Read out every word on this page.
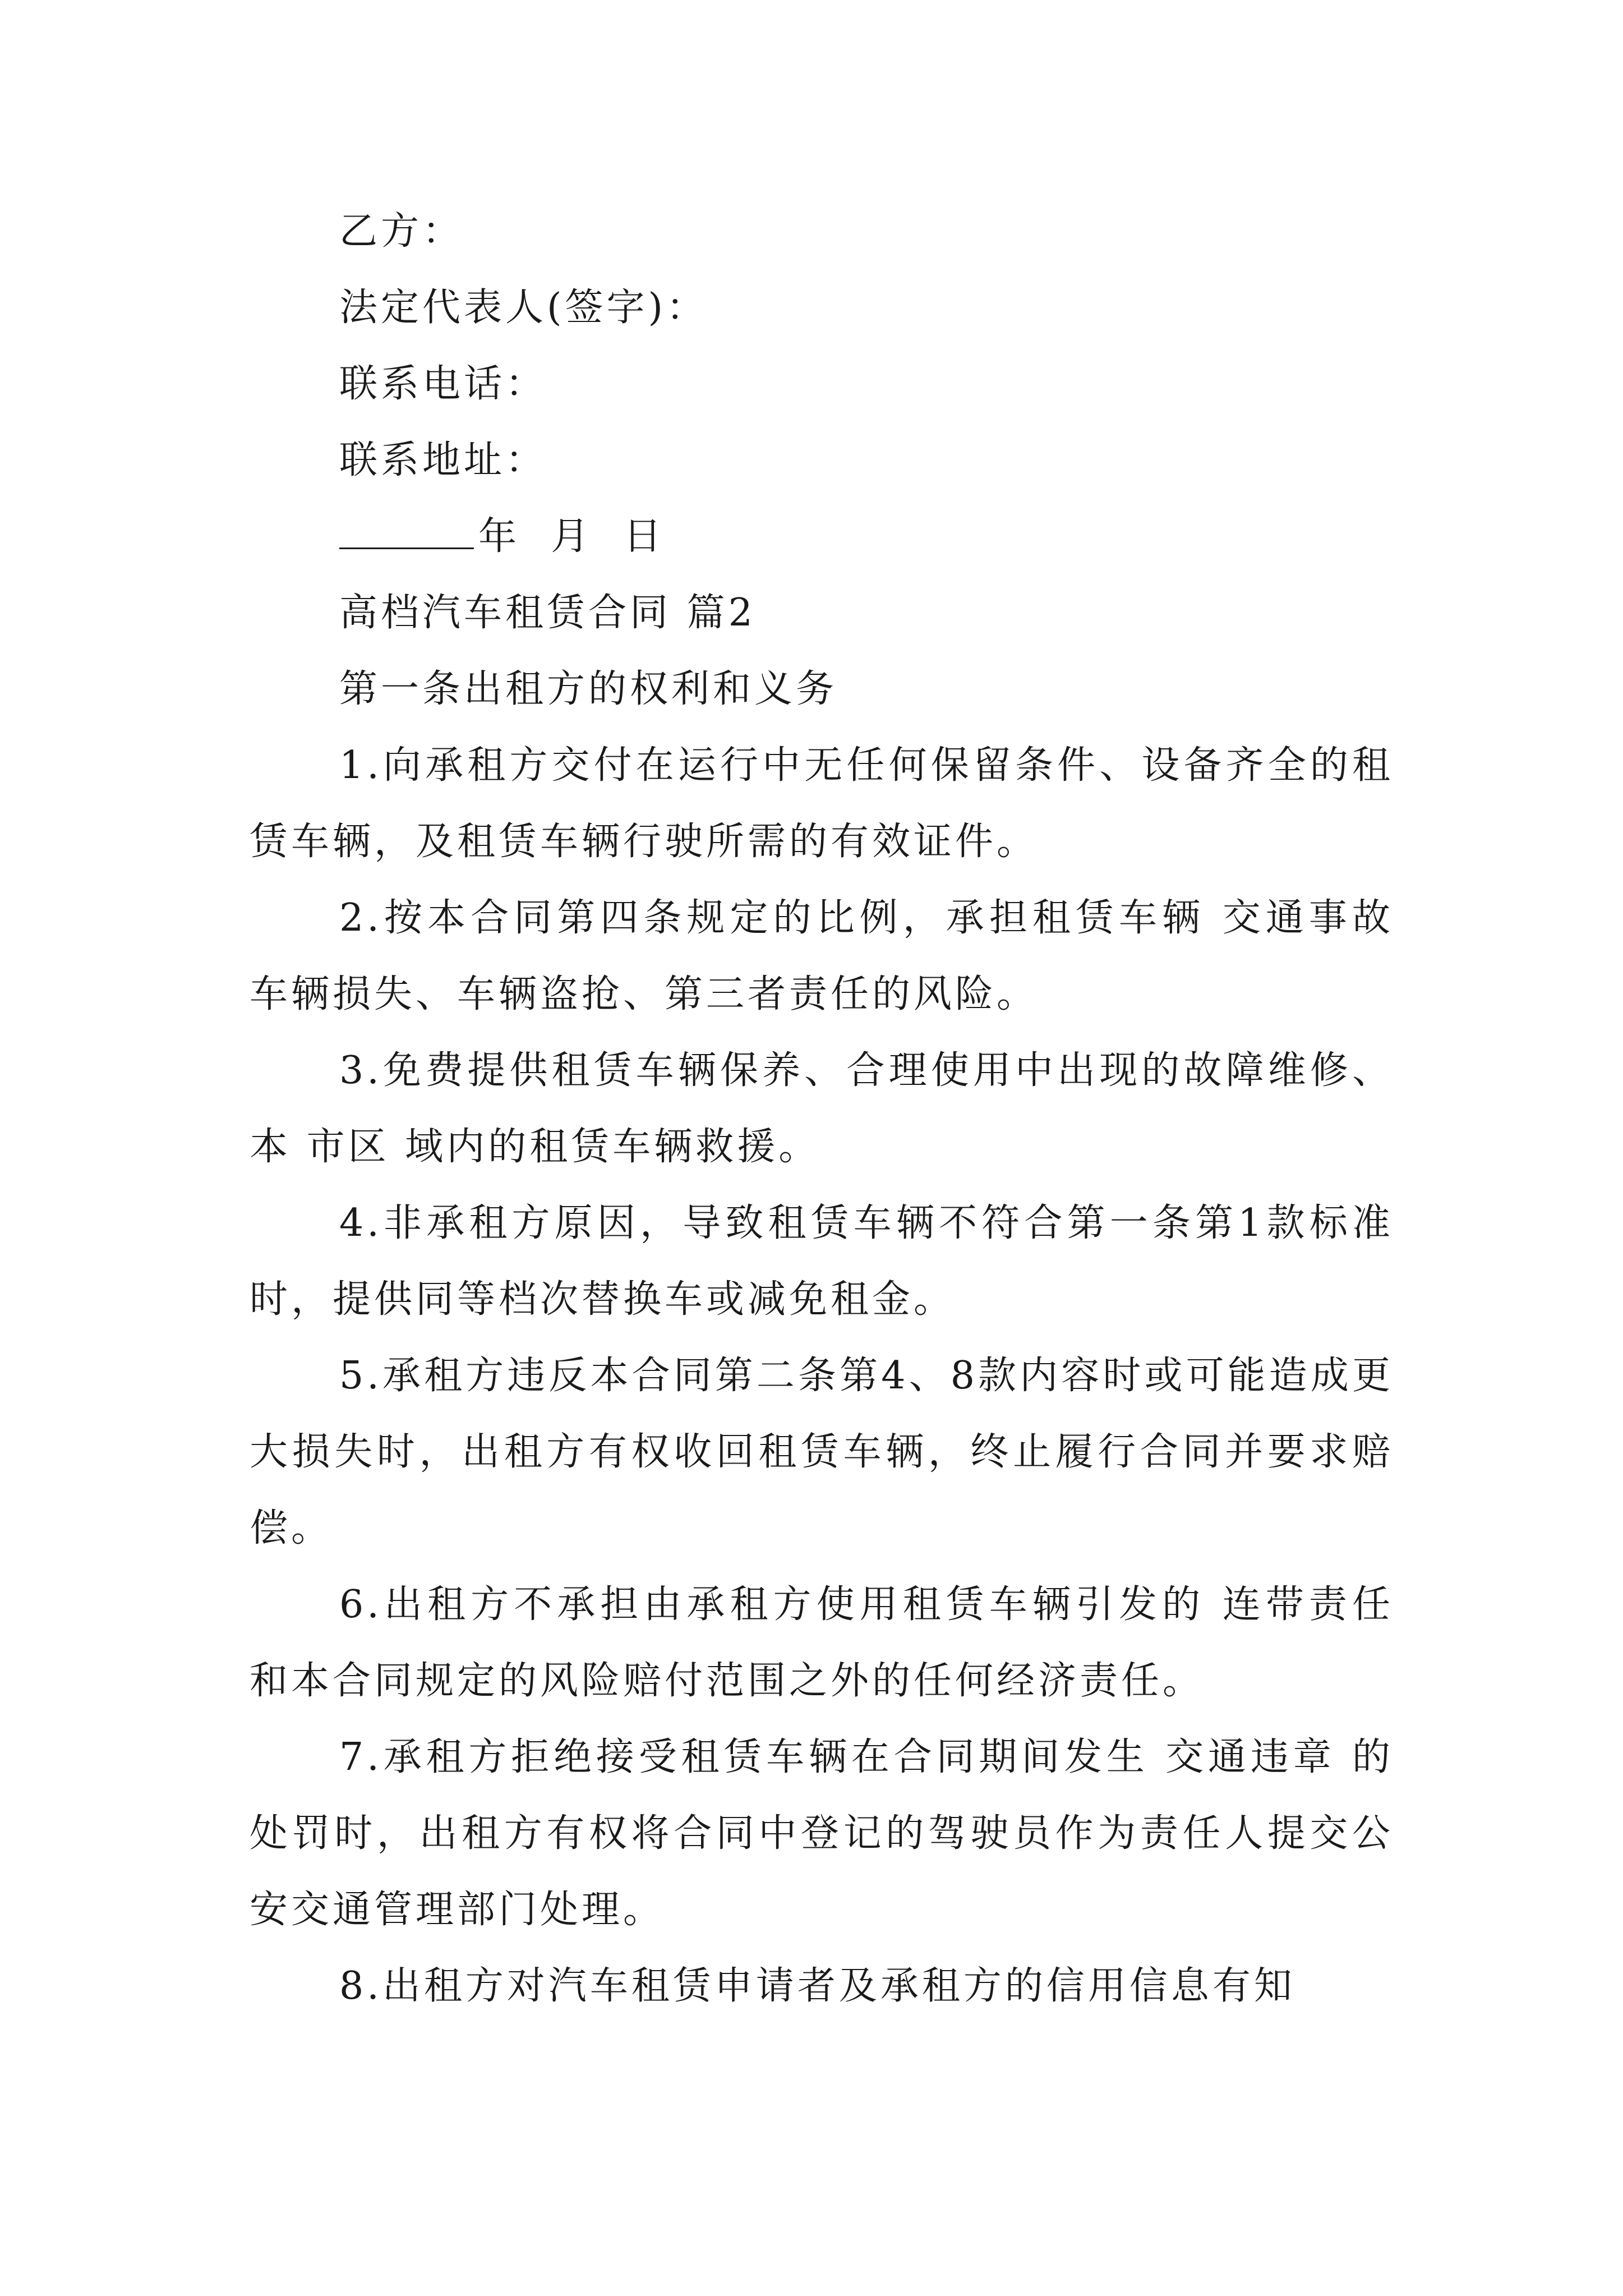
乙方：
法定代表人(签字)：
联系电话：
联系地址：
年  月  日
高档汽车租赁合同 篇2
第一条出租方的权利和义务
1.向承租方交付在运行中无任何保留条件、设备齐全的租赁车辆，及租赁车辆行驶所需的有效证件。
2.按本合同第四条规定的比例，承担租赁车辆 交通事故 车辆损失、车辆盗抢、第三者责任的风险。
3.免费提供租赁车辆保养、合理使用中出现的故障维修、本 市区 域内的租赁车辆救援。
4.非承租方原因，导致租赁车辆不符合第一条第1款标准时，提供同等档次替换车或减免租金。
5.承租方违反本合同第二条第4、8款内容时或可能造成更大损失时，出租方有权收回租赁车辆，终止履行合同并要求赔偿。
6.出租方不承担由承租方使用租赁车辆引发的 连带责任 和本合同规定的风险赔付范围之外的任何经济责任。
7.承租方拒绝接受租赁车辆在合同期间发生 交通违章 的处罚时，出租方有权将合同中登记的驾驶员作为责任人提交公安交通管理部门处理。
8.出租方对汽车租赁申请者及承租方的信用信息有知
